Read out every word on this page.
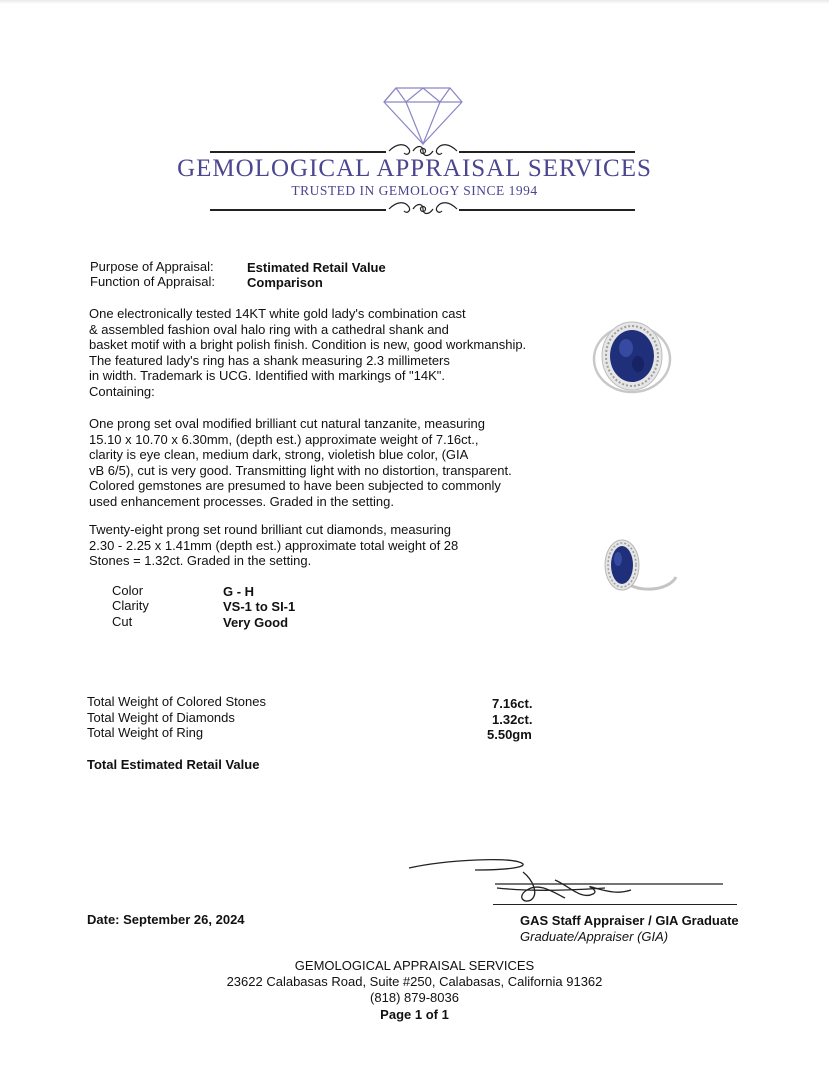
GEMOLOGICAL APPRAISAL SERVICES
TRUSTED IN GEMOLOGY SINCE 1994
Purpose of Appraisal:	Estimated Retail Value
Function of Appraisal: Comparison
One electronically tested 14KT white gold lady's combination cast
& assembled fashion oval halo ring with a cathedral shank and
basket motif with a bright polish finish. Condition is new, good workmanship.
The featured lady's ring has a shank measuring 2.3 millimeters
in width. Trademark is UCG. Identified with markings of "14K".
Containing:
One prong set oval modified brilliant cut natural tanzanite, measuring
15.10 x 10.70 x 6.30mm, (depth est.) approximate weight of 7.16ct.,
clarity is eye clean, medium dark, strong, violetish blue color, (GIA
vB 6/5), cut is very good. Transmitting light with no distortion, transparent.
Colored gemstones are presumed to have been subjected to commonly
used enhancement processes. Graded in the setting.
Twenty-eight prong set round brilliant cut diamonds, measuring
2.30 - 2.25 x 1.41mm (depth est.) approximate total weight of 28
Stones = 1.32ct. Graded in the setting.
Color	G - H
Clarity	VS-1 to SI-1
Cut	Very Good
Total Weight of Colored Stones	7.16ct.
Total Weight of Diamonds	1.32ct.
Total Weight of Ring	5.50gm
Total Estimated Retail Value
Date: September 26, 2024	GAS Staff Appraiser / GIA Graduate
Graduate/Appraiser (GIA)
GEMOLOGICAL APPRAISAL SERVICES
23622 Calabasas Road, Suite #250, Calabasas, California 91362
(818) 879-8036
Page 1 of 1
